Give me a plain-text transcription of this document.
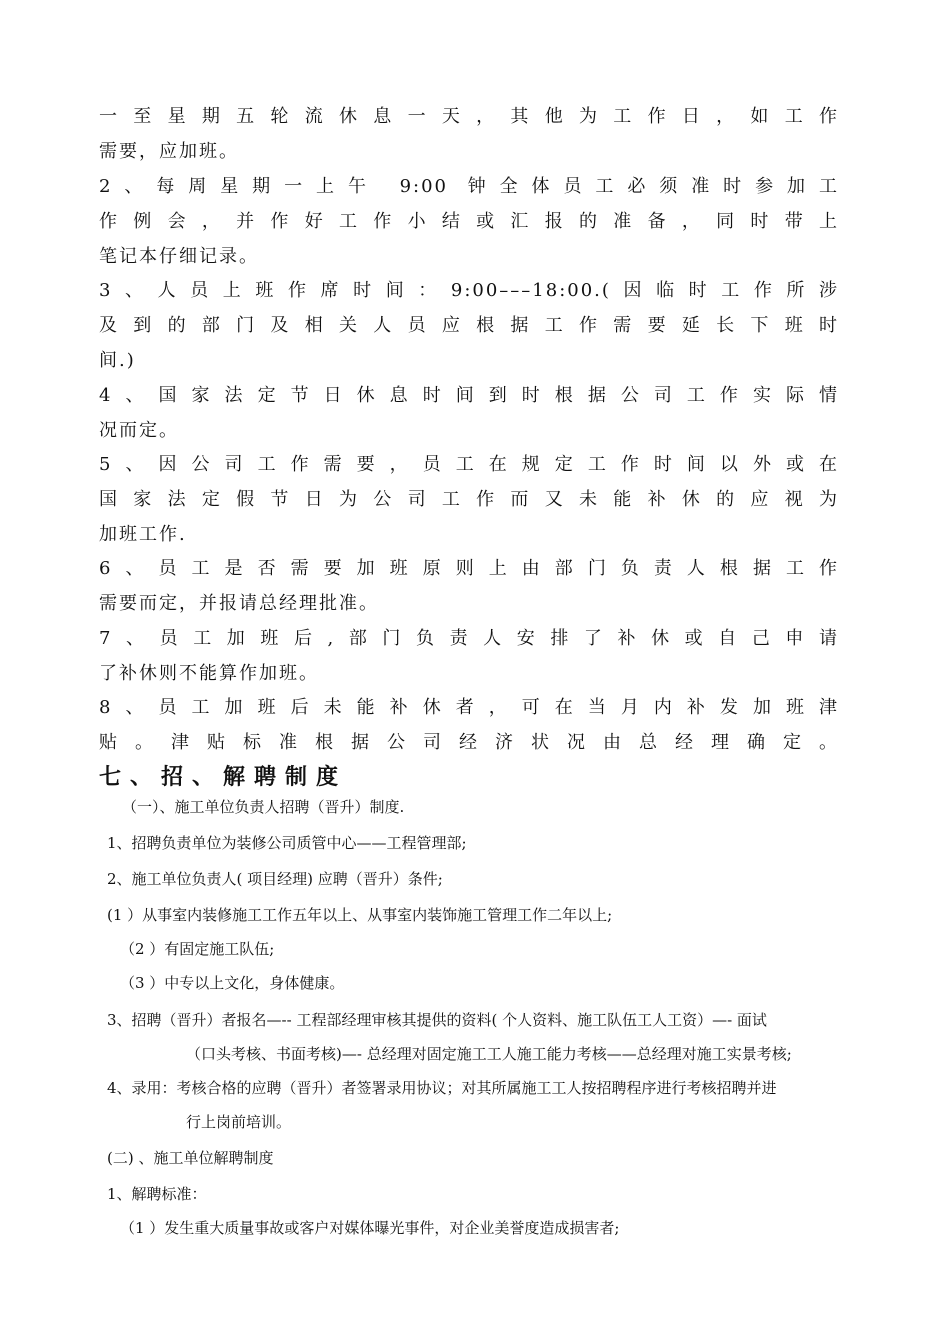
一至星期五轮流休息一天，其他为工作日，如工作
需要，应加班。
2、每周星期一上午 9:00 钟全体员工必须准时参加工
作例会，并作好工作小结或汇报的准备，同时带上
笔记本仔细记录。
3、人员上班作席时间：9:00–––18:00.(因临时工作所涉
及到的部门及相关人员应根据工作需要延长下班时
间.)
4、国家法定节日休息时间到时根据公司工作实际情
况而定。
5、因公司工作需要，员工在规定工作时间以外或在
国家法定假节日为公司工作而又未能补休的应视为
加班工作.
6、员工是否需要加班原则上由部门负责人根据工作
需要而定，并报请总经理批准。
7、员工加班后,部门负责人安排了补休或自己申请
了补休则不能算作加班。
8、员工加班后未能补休者，可在当月内补发加班津
贴。津贴标准根据公司经济状况由总经理确定。
七、招、解聘制度
（一）、施工单位负责人招聘（晋升）制度.
1、招聘负责单位为装修公司质管中心——工程管理部;
2、施工单位负责人( 项目经理) 应聘（晋升）条件;
(1 ）从事室内装修施工工作五年以上、从事室内装饰施工管理工作二年以上;
（2 ）有固定施工队伍;
（3 ）中专以上文化，身体健康。
3、招聘（晋升）者报名—-- 工程部经理审核其提供的资料( 个人资料、施工队伍工人工资）—- 面试
（口头考核、书面考核)—- 总经理对固定施工工人施工能力考核——总经理对施工实景考核;
4、录用：考核合格的应聘（晋升）者签署录用协议；对其所属施工工人按招聘程序进行考核招聘并进
行上岗前培训。
(二) 、施工单位解聘制度
1、解聘标准：
（1 ）发生重大质量事故或客户对媒体曝光事件，对企业美誉度造成损害者;
